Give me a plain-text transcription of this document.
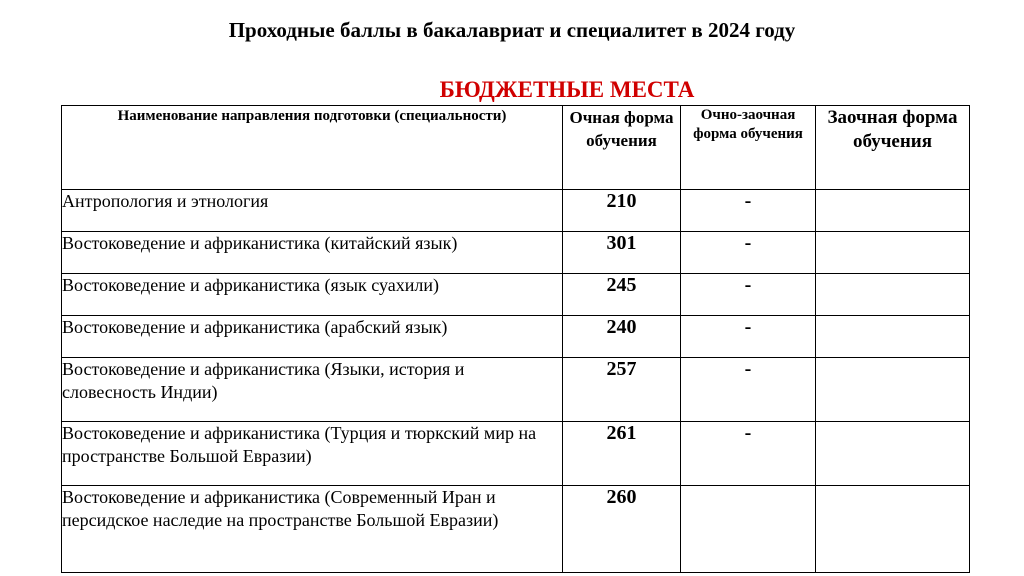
Проходные баллы в бакалавриат и специалитет в 2024 году
БЮДЖЕТНЫЕ МЕСТА
Наименование направления подготовки (специальности)	Очная форма обучения	Очно-заочная форма обучения	Заочная форма обучения
Антропология и этнология	210	-	
Востоковедение и африканистика (китайский язык)	301	-	
Востоковедение и африканистика (язык суахили)	245	-	
Востоковедение и африканистика (арабский язык)	240	-	
Востоковедение и африканистика (Языки, история и словесность Индии)	257	-	
Востоковедение и африканистика (Турция и тюркский мир на пространстве Большой Евразии)	261	-	
Востоковедение и африканистика (Современный Иран и персидское наследие на пространстве Большой Евразии)	260		
